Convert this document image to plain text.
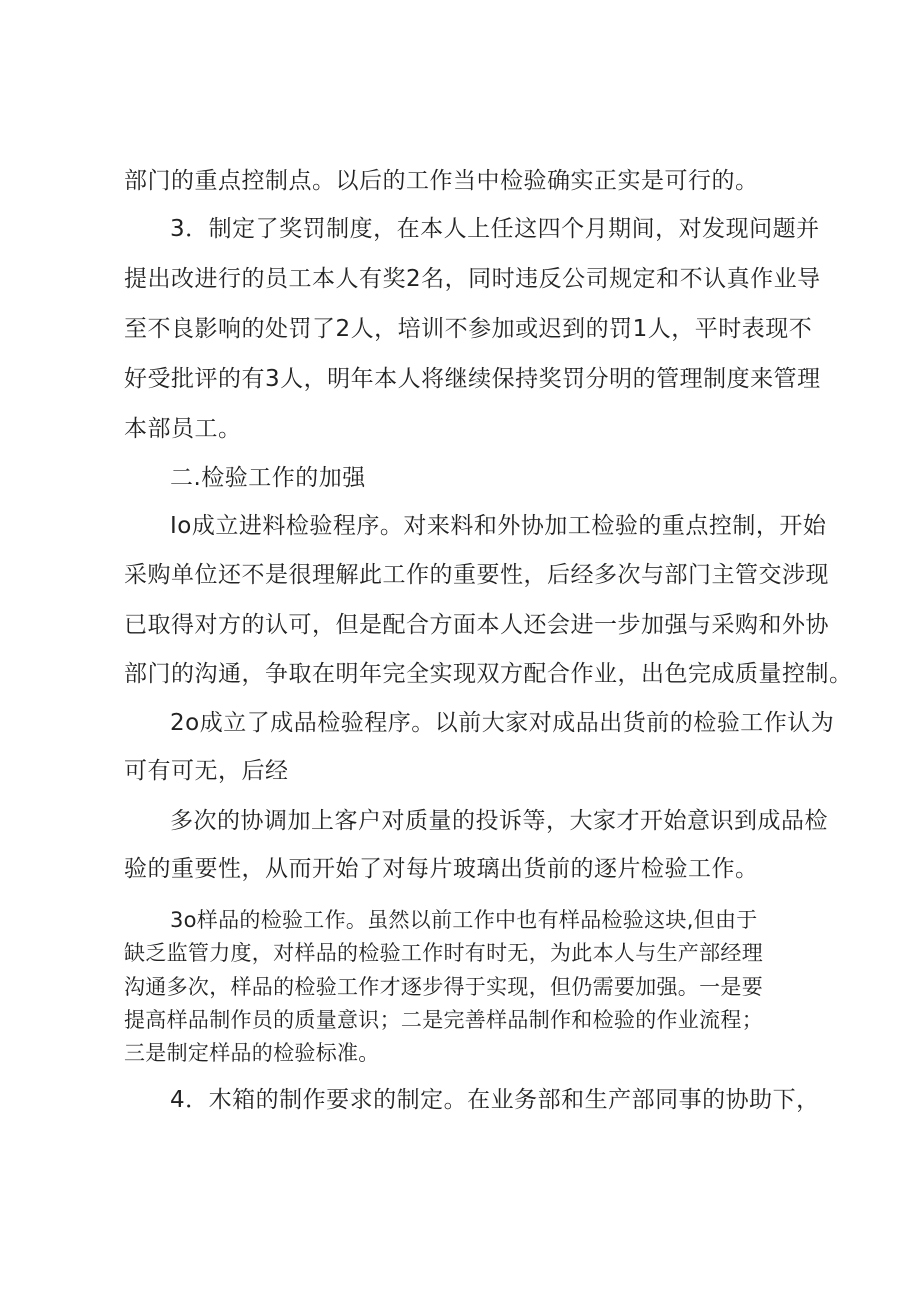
部门的重点控制点。以后的工作当中检验确实正实是可行的。
3．制定了奖罚制度，在本人上任这四个月期间，对发现问题并
提出改进行的员工本人有奖2名，同时违反公司规定和不认真作业导
至不良影响的处罚了2人，培训不参加或迟到的罚1人，平时表现不
好受批评的有3人，明年本人将继续保持奖罚分明的管理制度来管理
本部员工。
二.检验工作的加强
Io成立进料检验程序。对来料和外协加工检验的重点控制，开始
采购单位还不是很理解此工作的重要性，后经多次与部门主管交涉现
已取得对方的认可，但是配合方面本人还会进一步加强与采购和外协
部门的沟通，争取在明年完全实现双方配合作业，出色完成质量控制。
2o成立了成品检验程序。以前大家对成品出货前的检验工作认为
可有可无，后经
多次的协调加上客户对质量的投诉等，大家才开始意识到成品检
验的重要性，从而开始了对每片玻璃出货前的逐片检验工作。
3o样品的检验工作。虽然以前工作中也有样品检验这块,但由于
缺乏监管力度，对样品的检验工作时有时无，为此本人与生产部经理
沟通多次，样品的检验工作才逐步得于实现，但仍需要加强。一是要
提高样品制作员的质量意识；二是完善样品制作和检验的作业流程；
三是制定样品的检验标准。
4．木箱的制作要求的制定。在业务部和生产部同事的协助下，
